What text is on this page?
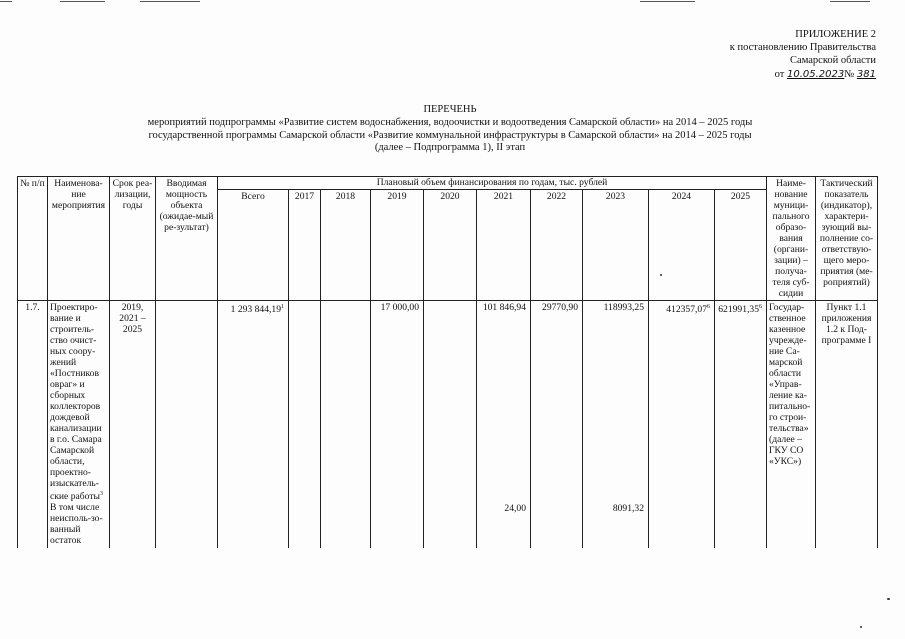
ПРИЛОЖЕНИЕ 2
к постановлению Правительства
Самарской области
от 10.05.2023№ 381
ПЕРЕЧЕНЬ
мероприятий подпрограммы «Развитие систем водоснабжения, водоочистки и водоотведения Самарской области» на 2014 – 2025 годы
государственной программы Самарской области «Развитие коммунальной инфраструктуры в Самарской области» на 2014 – 2025 годы
(далее – Подпрограмма 1), II этап
№ п/п	Наименова-ние мероприятия	Срок реа-лизации, годы	Вводимая мощность объекта (ожидае-мый ре-зультат)	Плановый объем финансирования по годам, тыс. рублей										Наиме-нование муници-пального образо-вания (органи-зации) – получа-теля суб-сидии	Тактический показатель (индикатор), характери-зующий вы-полнение со-ответствую-щего меро-приятия (ме-роприятий)
				Всего	2017	2018	2019	2020	2021	2022	2023	2024	2025		
1.7.	Проектиро-вание и строитель-ство очист-ных соору-жений «Постников овраг» и сборных коллекторов дождевой канализации в г.о. Самара Самарской области, проектно-изыскатель-ские работы$^3$	2019, 2021 – 2025		1 293 844,19$^1$			17 000,00		101 846,94	29770,90	118993,25	412357,07$^6$	621991,35$^6$	Государ-ственное казенное учрежде-ние Са-марской области «Управ-ление ка-питально-го строи-тельства» (далее – ГКУ СО «УКС»)	Пункт 1.1 приложения 1.2 к Под-программе I
	В том числе неисполь-зо-ванный остаток								24,00		8091,32				
